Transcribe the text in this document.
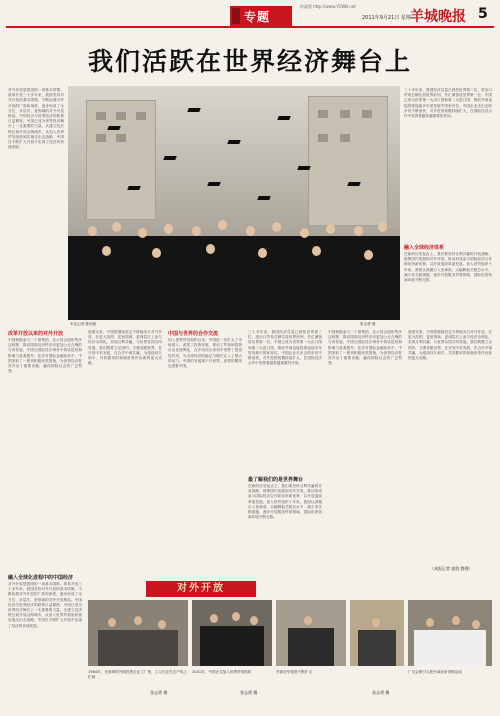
专题
时政版 http://www.YCWB.net
2011年9月21日 星期三
羊城晚报 5
我们活跃在世界经济舞台上
本社记者 陈雨航	张志勇 摄
对外开放是我国的一项基本国策。改革开放三十多年来，我国坚持对外开放的基本国策，不断拓展对外开放的广度和深度，逐步形成了全方位、多层次、宽领域的对外开放格局。中国经济与世界经济的联系日益紧密，中国已成为世界经济舞台上一支重要的力量。从建立经济特区到开放沿海城市，从加入世界贸易组织到实施走出去战略，中国在不断扩大开放中实现了经济的快速发展。
三十多年来，我国经济总量已跃居世界第二位，进出口贸易总额位居世界前列，外汇储备居世界第一位。中国已成为世界第一大出口国和第二大进口国，吸收外商直接投资连续多年居发展中国家首位。中国企业走出去的步伐不断加快，对外投资规模持续扩大，在国际经济合作中发挥着越来越重要的作用。
融入全球经济体系
在新的历史起点上，我们要坚持互利共赢的开放战略，统筹国内发展和对外开放，推动形成参与国际经济合作和竞争新优势，以开放促改革促发展。加入世贸组织十年来，我国认真履行入世承诺，大幅降低关税总水平，减少非关税措施，逐步开放服务贸易领域，国际化的营商环境不断完善。
改革开放以来的对外开放
中国积极参与二十国集团、亚太经合组织等多边机制，推动国际经济秩序向更加公正合理的方向发展，中国在国际经济事务中的话语权和影响力显著提升。在应对国际金融危机中，中国采取了一系列积极有效措施，为世界经济复苏作出了重要贡献，赢得国际社会的广泛赞誉。
融入全球化进程中的中国经济
对外开放是我国的一项基本国策。改革开放三十多年来，我国坚持对外开放的基本国策，不断拓展对外开放的广度和深度，逐步形成了全方位、多层次、宽领域的对外开放格局。中国经济与世界经济的联系日益紧密，中国已成为世界经济舞台上一支重要的力量。从建立经济特区到开放沿海城市，从加入世界贸易组织到实施走出去战略，中国在不断扩大开放中实现了经济的快速发展。
展望未来，中国将继续坚定不移地实行对外开放，在更大范围、更宽领域、更深层次上参与经济全球化，实现互利共赢，与世界各国共同发展。我们既要立足国内，又要放眼世界，在开放中求发展，在合作中谋共赢，为建设持久和平、共同繁荣的和谐世界作出新的更大贡献。
中国与世界的合作交流
加入世界贸易组织以来，中国进一步扩大了市场准入，改善了投资环境，推动了贸易和投资自由化便利化，在多哈回合谈判中发挥了建设性作用，为全球经济的稳定与增长注入了强大的动力。中国的发展离不开世界，世界的繁荣也需要中国。
三十多年来，我国经济总量已跃居世界第二位，进出口贸易总额位居世界前列，外汇储备居世界第一位。中国已成为世界第一大出口国和第二大进口国，吸收外商直接投资连续多年居发展中国家首位。中国企业走出去的步伐不断加快，对外投资规模持续扩大，在国际经济合作中发挥着越来越重要的作用。
最了解我们的是世界舞台
在新的历史起点上，我们要坚持互利共赢的开放战略，统筹国内发展和对外开放，推动形成参与国际经济合作和竞争新优势，以开放促改革促发展。加入世贸组织十年来，我国认真履行入世承诺，大幅降低关税总水平，减少非关税措施，逐步开放服务贸易领域，国际化的营商环境不断完善。
中国积极参与二十国集团、亚太经合组织等多边机制，推动国际经济秩序向更加公正合理的方向发展，中国在国际经济事务中的话语权和影响力显著提升。在应对国际金融危机中，中国采取了一系列积极有效措施，为世界经济复苏作出了重要贡献，赢得国际社会的广泛赞誉。
展望未来，中国将继续坚定不移地实行对外开放，在更大范围、更宽领域、更深层次上参与经济全球化，实现互利共赢，与世界各国共同发展。我们既要立足国内，又要放眼世界，在开放中求发展，在合作中谋共赢，为建设持久和平、共同繁荣的和谐世界作出新的更大贡献。
（本报记者 郭凯 整理）
对外开放
1984年，在深圳的外商投资企业工厂里，工人们正在生产线上忙碌
2001年，中国正式加入世界贸易组织	外商在华投资不断扩大	广交会吸引大批外商前来采购洽谈
张志勇 摄	张志勇 摄	张志勇 摄
